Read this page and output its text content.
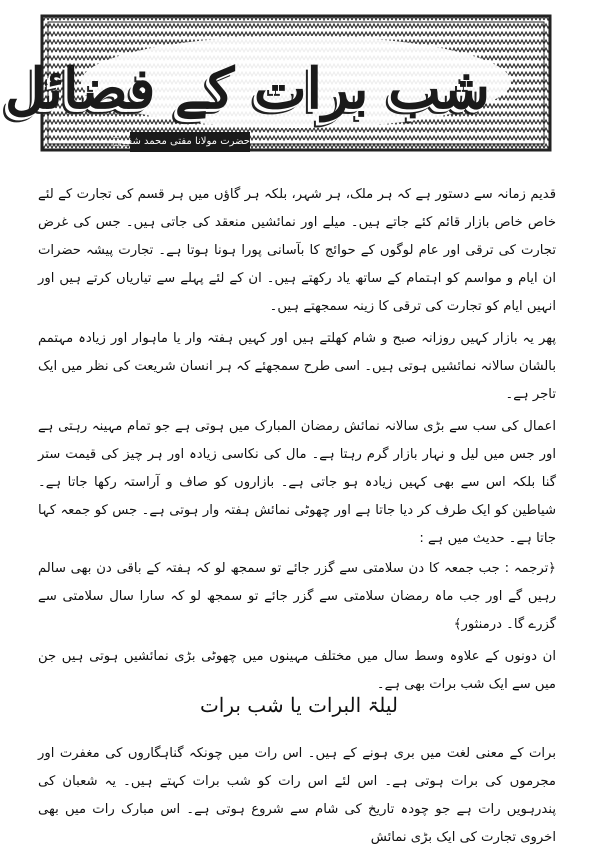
شب برات کے فضائل
حضرت مولانا مفتی محمد شفیعؒ

قدیم زمانہ سے دستور ہے کہ ہر ملک، ہر شہر، بلکہ ہر گاؤں میں ہر قسم کی تجارت کے لئے خاص خاص بازار قائم کئے جاتے ہیں۔ میلے اور نمائشیں منعقد کی جاتی ہیں۔ جس کی غرض تجارت کی ترقی اور عام لوگوں کے حوائج کا بآسانی پورا ہونا ہوتا ہے۔ تجارت پیشہ حضرات ان ایام و مواسم کو اہتمام کے ساتھ یاد رکھتے ہیں۔ ان کے لئے پہلے سے تیاریاں کرتے ہیں اور انہیں ایام کو تجارت کی ترقی کا زینہ سمجھتے ہیں۔

پھر یہ بازار کہیں روزانہ صبح و شام کھلتے ہیں اور کہیں ہفتہ وار یا ماہوار اور زیادہ مہتمم بالشان سالانہ نمائشیں ہوتی ہیں۔ اسی طرح سمجھئے کہ ہر انسان شریعت کی نظر میں ایک تاجر ہے۔

اعمال کی سب سے بڑی سالانہ نمائش رمضان المبارک میں ہوتی ہے جو تمام مہینہ رہتی ہے اور جس میں لیل و نہار بازار گرم رہتا ہے۔ مال کی نکاسی زیادہ اور ہر چیز کی قیمت ستر گنا بلکہ اس سے بھی کہیں زیادہ ہو جاتی ہے۔ بازاروں کو صاف و آراستہ رکھا جاتا ہے۔ شیاطین کو ایک طرف کر دیا جاتا ہے اور چھوٹی نمائش ہفتہ وار ہوتی ہے۔ جس کو جمعہ کہا جاتا ہے۔ حدیث میں ہے :

﴿ترجمہ : جب جمعہ کا دن سلامتی سے گزر جائے تو سمجھ لو کہ ہفتہ کے باقی دن بھی سالم رہیں گے اور جب ماہ رمضان سلامتی سے گزر جائے تو سمجھ لو کہ سارا سال سلامتی سے گزرے گا۔ درمنثور﴾

ان دونوں کے علاوہ وسط سال میں مختلف مہینوں میں چھوٹی بڑی نمائشیں ہوتی ہیں جن میں سے ایک شب برات بھی ہے۔

لیلۃ البرات یا شب برات

برات کے معنی لغت میں بری ہونے کے ہیں۔ اس رات میں چونکہ گناہگاروں کی مغفرت اور مجرموں کی برات ہوتی ہے۔ اس لئے اس رات کو شب برات کہتے ہیں۔ یہ شعبان کی پندرہویں رات ہے جو چودہ تاریخ کی شام سے شروع ہوتی ہے۔ اس مبارک رات میں بھی اخروی تجارت کی ایک بڑی نمائش
